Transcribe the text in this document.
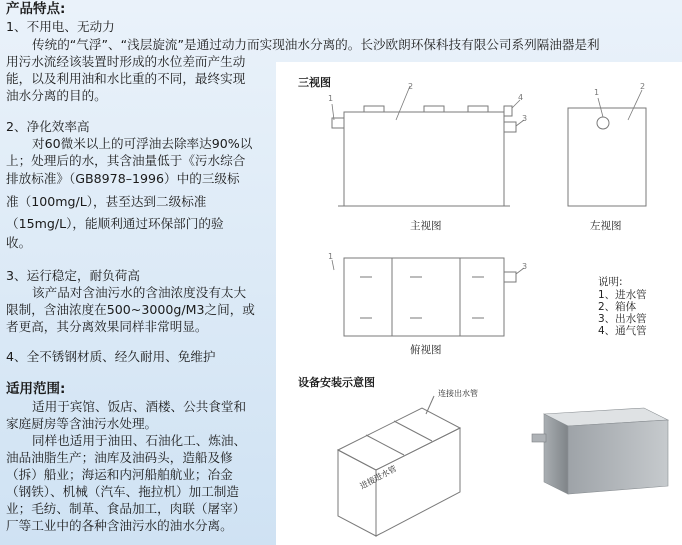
产品特点:
1、不用电、无动力
传统的“气浮”、“浅层旋流”是通过动力而实现油水分离的。长沙欧朗环保科技有限公司系列隔油器是利
用污水流经该装置时形成的水位差而产生动
能，以及利用油和水比重的不同，最终实现
油水分离的目的。
2、净化效率高
对60微米以上的可浮油去除率达90%以
上；处理后的水，其含油量低于《污水综合
排放标准》（GB8978–1996）中的三级标
准（100mg/L），甚至达到二级标准
（15mg/L），能顺利通过环保部门的验
收。
3、运行稳定，耐负荷高
该产品对含油污水的含油浓度没有太大
限制，含油浓度在500~3000g/M3之间，或
者更高，其分离效果同样非常明显。
4、全不锈钢材质、经久耐用、免维护
适用范围:
适用于宾馆、饭店、酒楼、公共食堂和
家庭厨房等含油污水处理。
同样也适用于油田、石油化工、炼油、
油品油脂生产；油库及油码头，造船及修
（拆）船业；海运和内河船舶航业；冶金
（钢铁）、机械（汽车、拖拉机）加工制造
业；毛纺、制革、食品加工，肉联（屠宰）
厂等工业中的各种含油污水的油水分离。
三视图	2
4
3
1
1
2
1
3
主视图	左视图
俯视图
说明:
1、进水管
2、箱体
3、出水管
4、通气管
设备安装示意图
连接出水管
进接进水管
